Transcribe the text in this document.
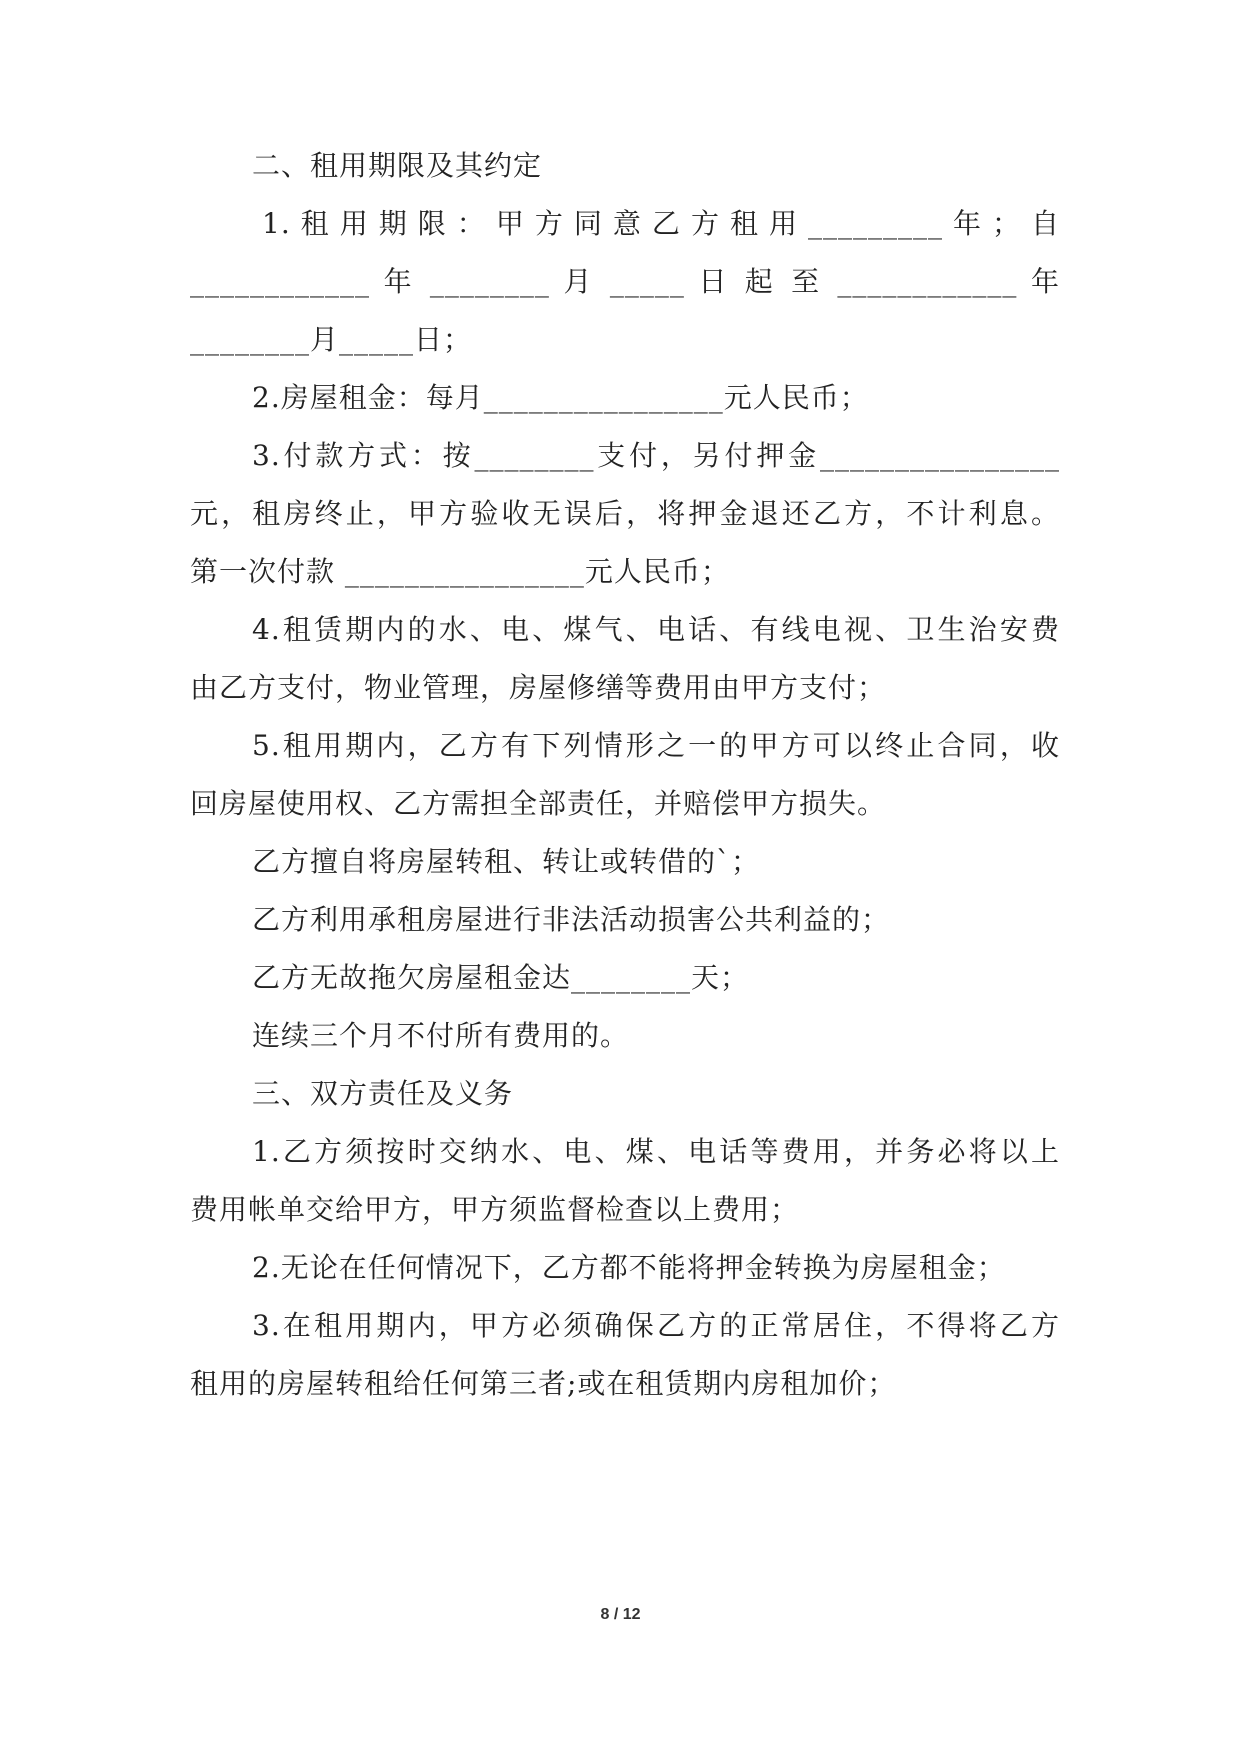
二、租用期限及其约定
1. 租 用 期 限 ： 甲 方 同 意 乙 方 租 用 _________ 年 ； 自
____________ 年 ________ 月 _____ 日 起 至 ____________ 年
________月_____日；
2.房屋租金：每月________________元人民币；
3.付款方式：按________支付，另付押金________________
元，租房终止，甲方验收无误后，将押金退还乙方，不计利息。
第一次付款 ________________元人民币；
4.租赁期内的水、电、煤气、电话、有线电视、卫生治安费
由乙方支付，物业管理，房屋修缮等费用由甲方支付；
5.租用期内，乙方有下列情形之一的甲方可以终止合同，收
回房屋使用权、乙方需担全部责任，并赔偿甲方损失。
乙方擅自将房屋转租、转让或转借的`；
乙方利用承租房屋进行非法活动损害公共利益的；
乙方无故拖欠房屋租金达________天；
连续三个月不付所有费用的。
三、双方责任及义务
1.乙方须按时交纳水、电、煤、电话等费用，并务必将以上
费用帐单交给甲方，甲方须监督检查以上费用；
2.无论在任何情况下，乙方都不能将押金转换为房屋租金；
3.在租用期内，甲方必须确保乙方的正常居住，不得将乙方
租用的房屋转租给任何第三者;或在租赁期内房租加价；
8 / 12
